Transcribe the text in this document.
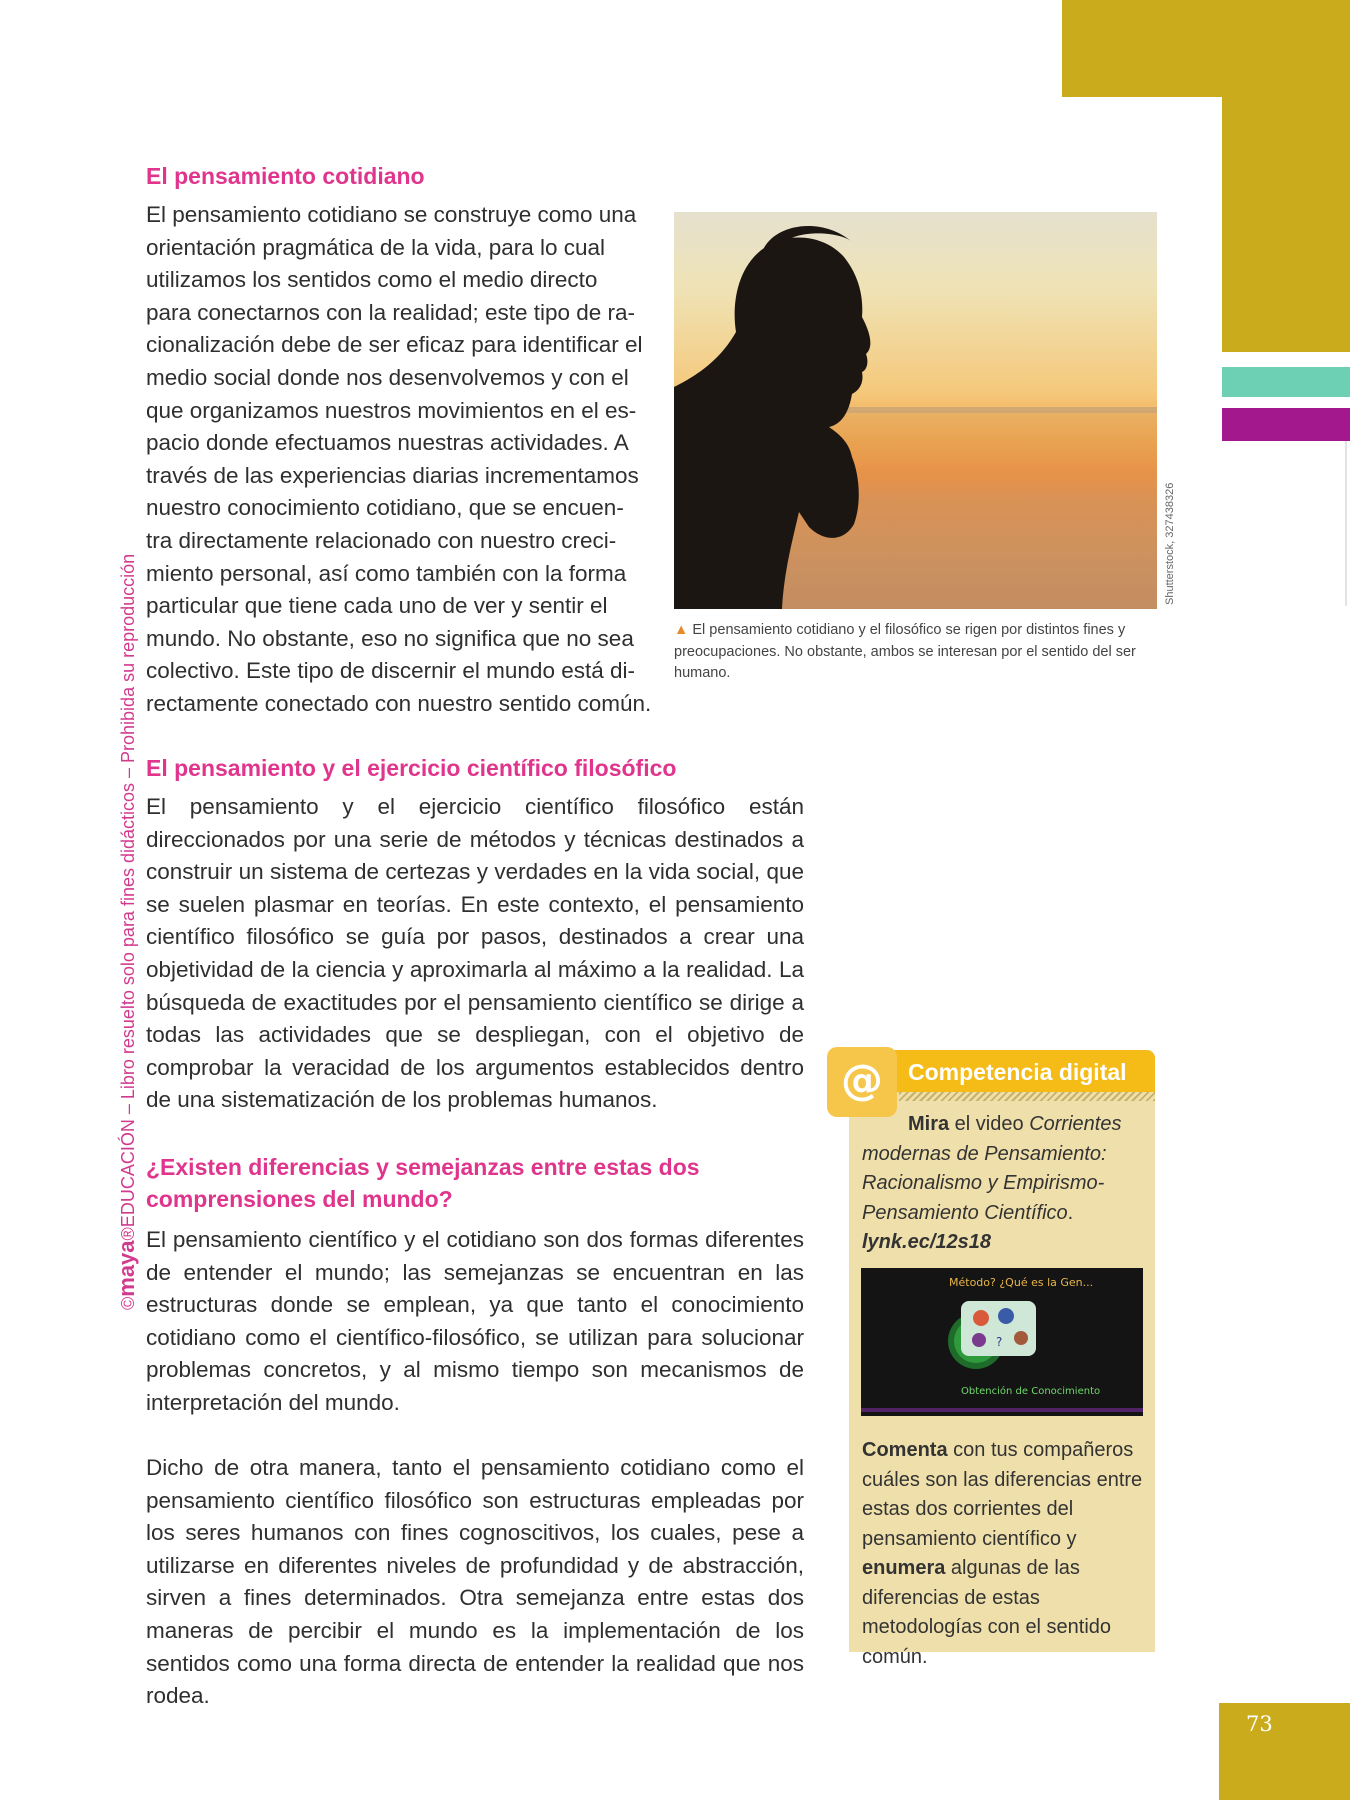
©maya®EDUCACIÓN – Libro resuelto solo para fines didácticos – Prohibida su reproducción
El pensamiento cotidiano
El pensamiento cotidiano se construye como una
orientación pragmática de la vida, para lo cual
utilizamos los sentidos como el medio directo
para conectarnos con la realidad; este tipo de ra-
cionalización debe de ser eficaz para identificar el
medio social donde nos desenvolvemos y con el
que organizamos nuestros movimientos en el es-
pacio donde efectuamos nuestras actividades. A
través de las experiencias diarias incrementamos
nuestro conocimiento cotidiano, que se encuen-
tra directamente relacionado con nuestro creci-
miento personal, así como también con la forma
particular que tiene cada uno de ver y sentir el
mundo. No obstante, eso no significa que no sea
colectivo. Este tipo de discernir el mundo está di-
rectamente conectado con nuestro sentido común.
Shutterstock, 327438326

▲ El pensamiento cotidiano y el filosófico se rigen por distintos fines y preocupaciones. No obstante, ambos se interesan por el sentido del ser humano.

El pensamiento y el ejercicio científico filosófico

El pensamiento y el ejercicio científico filosófico están direccionados por una serie de métodos y técnicas destinados a construir un sistema de certezas y verdades en la vida social, que se suelen plasmar en teorías. En este contexto, el pensamiento científico filosófico se guía por pasos, destinados a crear una objetividad de la ciencia y aproximarla al máximo a la realidad. La búsqueda de exactitudes por el pensamiento científico se dirige a todas las actividades que se despliegan, con el objetivo de comprobar la veracidad de los argumentos establecidos dentro de una sistematización de los problemas humanos.

¿Existen diferencias y semejanzas entre estas dos comprensiones del mundo?

El pensamiento científico y el cotidiano son dos formas diferentes de entender el mundo; las semejanzas se encuentran en las estructuras donde se emplean, ya que tanto el conocimiento cotidiano como el científico-filosófico, se utilizan para solucionar problemas concretos, y al mismo tiempo son mecanismos de interpretación del mundo.

Dicho de otra manera, tanto el pensamiento cotidiano como el pensamiento científico filosófico son estructuras empleadas por los seres humanos con fines cognoscitivos, los cuales, pese a utilizarse en diferentes niveles de profundidad y de abstracción, sirven a fines determinados. Otra semejanza entre estas dos maneras de percibir el mundo es la implementación de los sentidos como una forma directa de entender la realidad que nos rodea.

@	Competencia digital

Mira el video Corrientes modernas de Pensamiento: Racionalismo y Empirismo-Pensamiento Científico.
lynk.ec/12s18

Método? ¿Qué es la Gen...
?
Obtención de Conocimiento

Comenta con tus compañeros cuáles son las diferencias entre estas dos corrientes del pensamiento científico y enumera algunas de las diferencias de estas metodologías con el sentido común.

73
